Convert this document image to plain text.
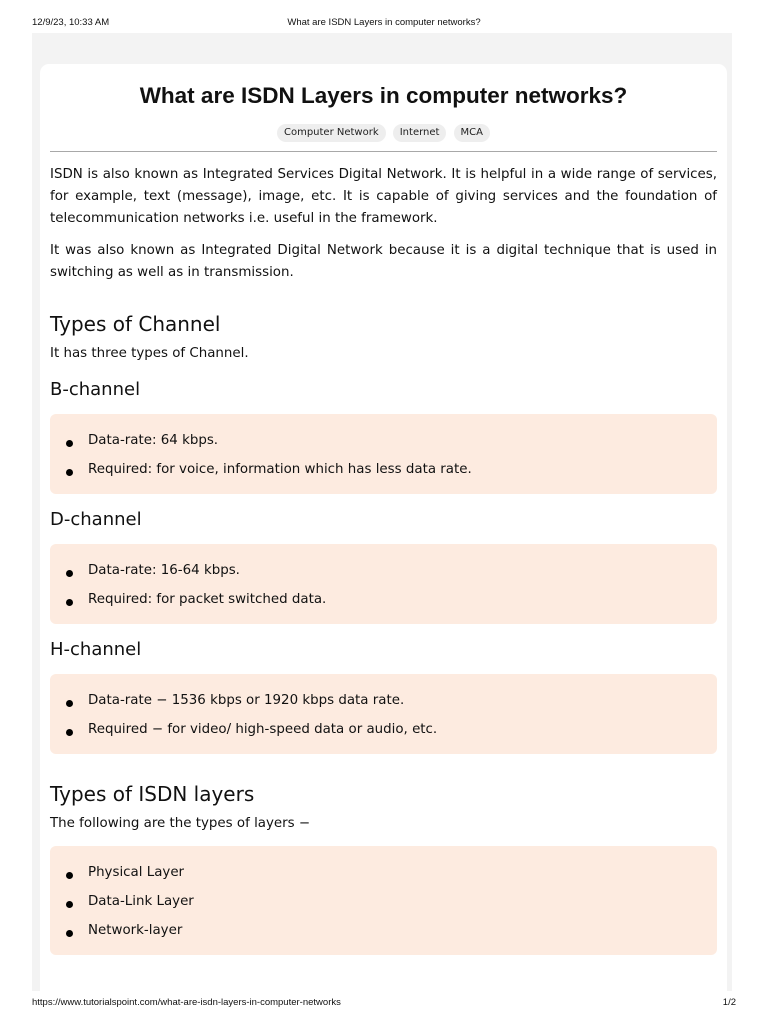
12/9/23, 10:33 AM	What are ISDN Layers in computer networks?
What are ISDN Layers in computer networks?
Computer Network Internet MCA

ISDN is also known as Integrated Services Digital Network. It is helpful in a wide range of services, for example, text (message), image, etc. It is capable of giving services and the foundation of telecommunication networks i.e. useful in the framework.

It was also known as Integrated Digital Network because it is a digital technique that is used in switching as well as in transmission.

Types of Channel

It has three types of Channel.

B-channel
Data-rate: 64 kbps.
Required: for voice, information which has less data rate.
D-channel
Data-rate: 16-64 kbps.
Required: for packet switched data.
H-channel
Data-rate − 1536 kbps or 1920 kbps data rate.
Required − for video/ high-speed data or audio, etc.
Types of ISDN layers

The following are the types of layers −

Physical Layer
Data-Link Layer
Network-layer
https://www.tutorialspoint.com/what-are-isdn-layers-in-computer-networks	1/2
